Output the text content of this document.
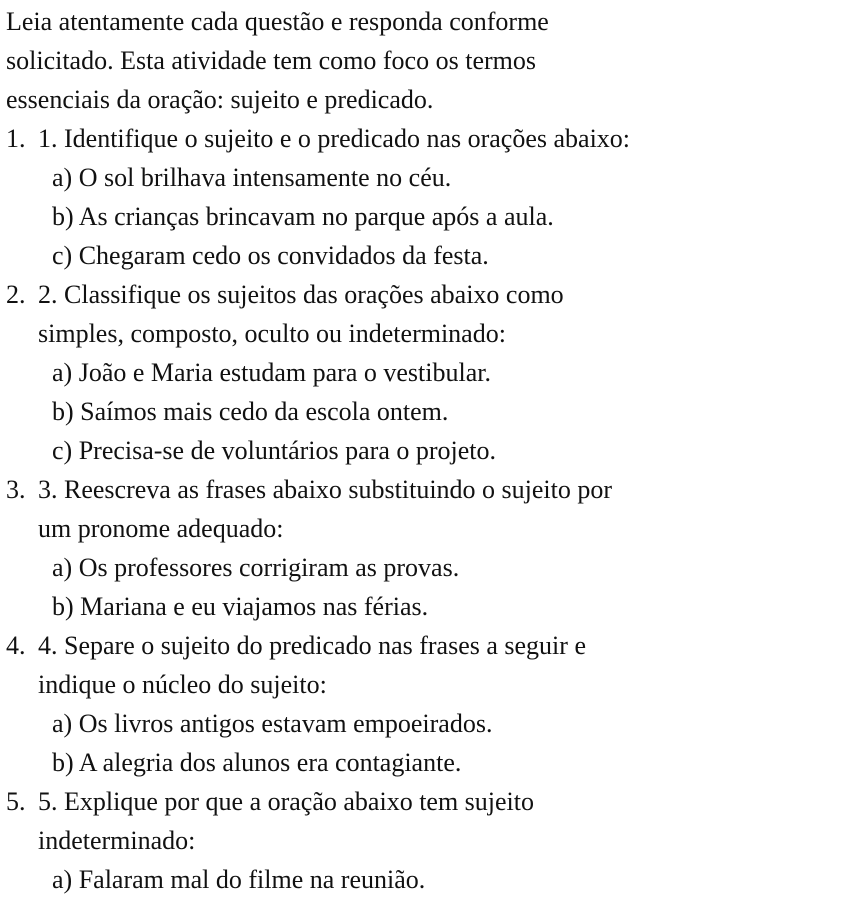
Leia atentamente cada questão e responda conforme
solicitado. Esta atividade tem como foco os termos
essenciais da oração: sujeito e predicado.
1. 1. Identifique o sujeito e o predicado nas orações abaixo:
a) O sol brilhava intensamente no céu.
b) As crianças brincavam no parque após a aula.
c) Chegaram cedo os convidados da festa.
2. 2. Classifique os sujeitos das orações abaixo como
simples, composto, oculto ou indeterminado:
a) João e Maria estudam para o vestibular.
b) Saímos mais cedo da escola ontem.
c) Precisa-se de voluntários para o projeto.
3. 3. Reescreva as frases abaixo substituindo o sujeito por
um pronome adequado:
a) Os professores corrigiram as provas.
b) Mariana e eu viajamos nas férias.
4. 4. Separe o sujeito do predicado nas frases a seguir e
indique o núcleo do sujeito:
a) Os livros antigos estavam empoeirados.
b) A alegria dos alunos era contagiante.
5. 5. Explique por que a oração abaixo tem sujeito
indeterminado:
a) Falaram mal do filme na reunião.
